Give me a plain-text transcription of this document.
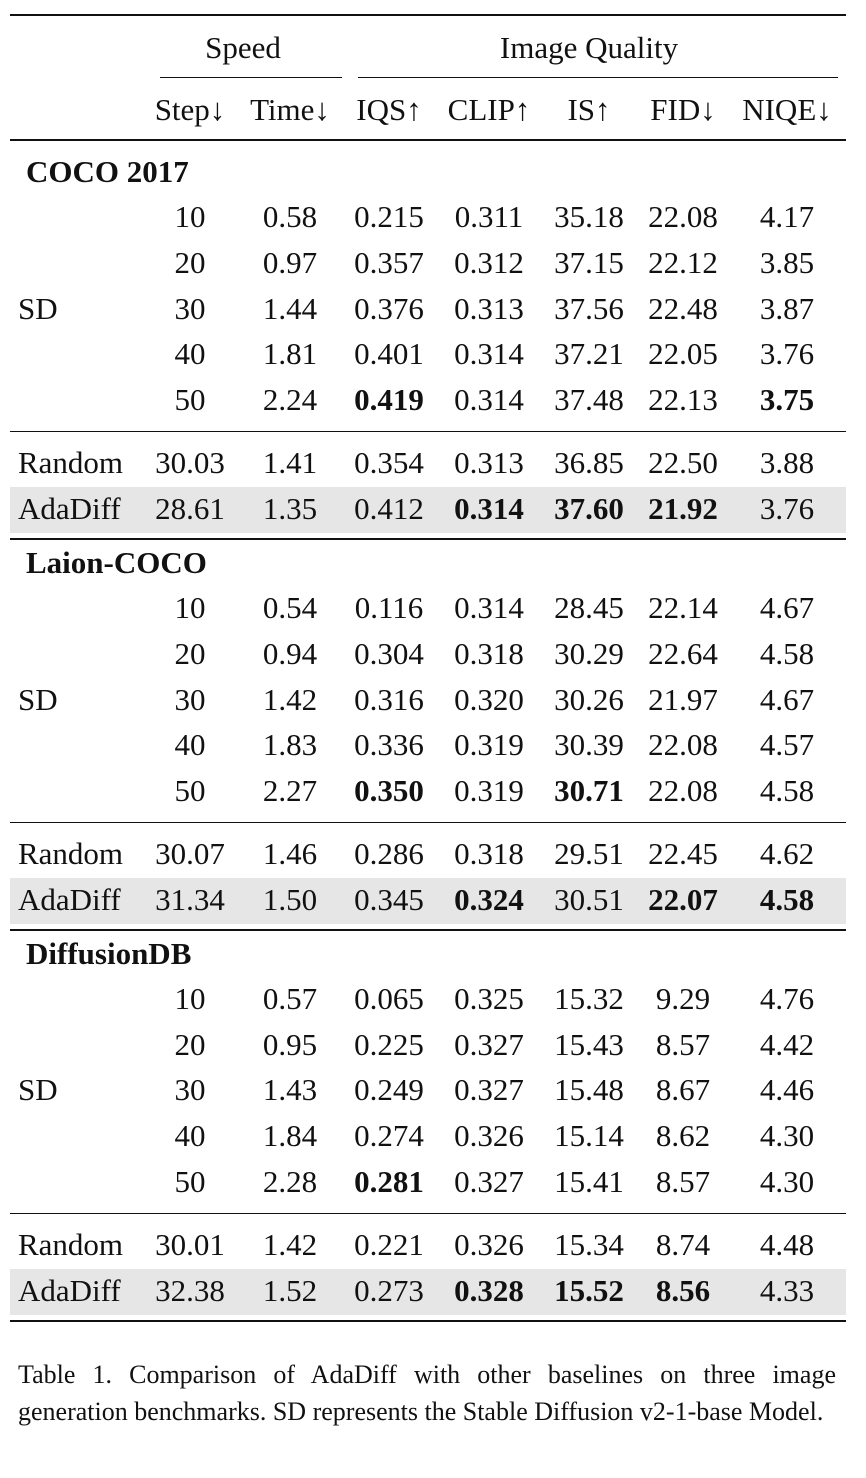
Speed	Image Quality
Step↓ Time↓ IQS↑ CLIP↑ IS↑ FID↓ NIQE↓
COCO 2017
SD
10 0.58 0.215 0.311 35.18 22.08 4.17
20 0.97 0.357 0.312 37.15 22.12 3.85
30 1.44 0.376 0.313 37.56 22.48 3.87
40 1.81 0.401 0.314 37.21 22.05 3.76
50 2.24 0.419 0.314 37.48 22.13 3.75
Random 30.03 1.41 0.354 0.313 36.85 22.50 3.88
AdaDiff 28.61 1.35 0.412 0.314 37.60 21.92 3.76
Laion-COCO
SD
10 0.54 0.116 0.314 28.45 22.14 4.67
20 0.94 0.304 0.318 30.29 22.64 4.58
30 1.42 0.316 0.320 30.26 21.97 4.67
40 1.83 0.336 0.319 30.39 22.08 4.57
50 2.27 0.350 0.319 30.71 22.08 4.58
Random 30.07 1.46 0.286 0.318 29.51 22.45 4.62
AdaDiff 31.34 1.50 0.345 0.324 30.51 22.07 4.58
DiffusionDB
SD
10 0.57 0.065 0.325 15.32 9.29 4.76
20 0.95 0.225 0.327 15.43 8.57 4.42
30 1.43 0.249 0.327 15.48 8.67 4.46
40 1.84 0.274 0.326 15.14 8.62 4.30
50 2.28 0.281 0.327 15.41 8.57 4.30
Random 30.01 1.42 0.221 0.326 15.34 8.74 4.48
AdaDiff 32.38 1.52 0.273 0.328 15.52 8.56 4.33
Table 1. Comparison of AdaDiff with other baselines on three image generation benchmarks. SD represents the Stable Diffusion v2-1-base Model.
